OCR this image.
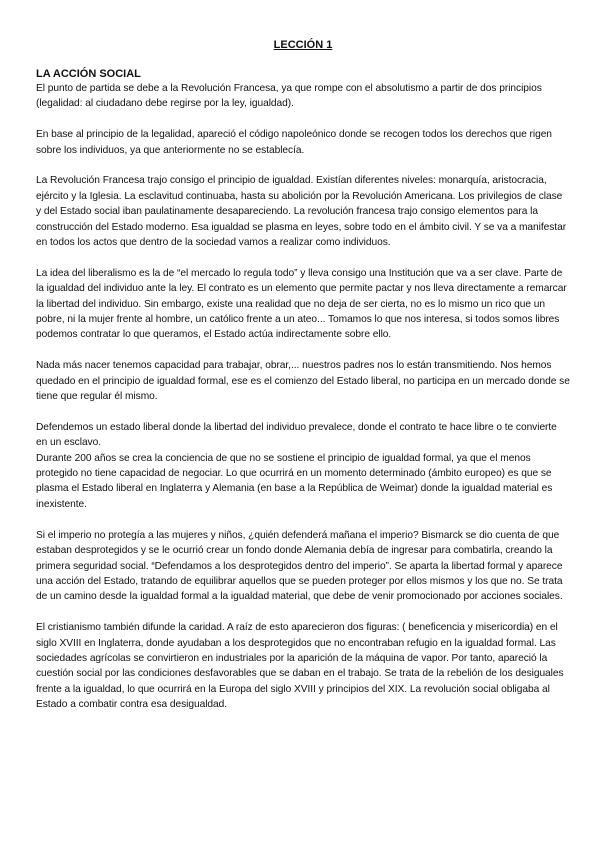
LECCIÓN 1
LA ACCIÓN SOCIAL

El punto de partida se debe a la Revolución Francesa, ya que rompe con el absolutismo a partir de dos principios (legalidad: al ciudadano debe regirse por la ley, igualdad).

En base al principio de la legalidad, apareció el código napoleónico donde se recogen todos los derechos que rigen sobre los individuos, ya que anteriormente no se establecía.

La Revolución Francesa trajo consigo el principio de igualdad. Existían diferentes niveles: monarquía, aristocracia, ejército y la Iglesia. La esclavitud continuaba, hasta su abolición por la Revolución Americana. Los privilegios de clase y del Estado social iban paulatinamente desapareciendo. La revolución francesa trajo consigo elementos para la construcción del Estado moderno. Esa igualdad se plasma en leyes, sobre todo en el ámbito civil. Y se va a manifestar en todos los actos que dentro de la sociedad vamos a realizar como individuos.

La idea del liberalismo es la de “el mercado lo regula todo” y lleva consigo una Institución que va a ser clave. Parte de la igualdad del individuo ante la ley. El contrato es un elemento que permite pactar y nos lleva directamente a remarcar la libertad del individuo. Sin embargo, existe una realidad que no deja de ser cierta, no es lo mismo un rico que un pobre, ni la mujer frente al hombre, un católico frente a un ateo... Tomamos lo que nos interesa, si todos somos libres podemos contratar lo que queramos, el Estado actúa indirectamente sobre ello.

Nada más nacer tenemos capacidad para trabajar, obrar,... nuestros padres nos lo están transmitiendo. Nos hemos quedado en el principio de igualdad formal, ese es el comienzo del Estado liberal, no participa en un mercado donde se tiene que regular él mismo.

Defendemos un estado liberal donde la libertad del individuo prevalece, donde el contrato te hace libre o te convierte en un esclavo.

Durante 200 años se crea la conciencia de que no se sostiene el principio de igualdad formal, ya que el menos protegido no tiene capacidad de negociar. Lo que ocurrirá en un momento determinado (ámbito europeo) es que se plasma el Estado liberal en Inglaterra y Alemania (en base a la República de Weimar) donde la igualdad material es inexistente.

Si el imperio no protegía a las mujeres y niños, ¿quién defenderá mañana el imperio? Bismarck se dio cuenta de que estaban desprotegidos y se le ocurrió crear un fondo donde Alemania debía de ingresar para combatirla, creando la primera seguridad social. “Defendamos a los desprotegidos dentro del imperio”. Se aparta la libertad formal y aparece una acción del Estado, tratando de equilibrar aquellos que se pueden proteger por ellos mismos y los que no. Se trata de un camino desde la igualdad formal a la igualdad material, que debe de venir promocionado por acciones sociales.

El cristianismo también difunde la caridad. A raíz de esto aparecieron dos figuras: ( beneficencia y misericordia) en el siglo XVIII en Inglaterra, donde ayudaban a los desprotegidos que no encontraban refugio en la igualdad formal. Las sociedades agrícolas se convirtieron en industriales por la aparición de la máquina de vapor. Por tanto, apareció la cuestión social por las condiciones desfavorables que se daban en el trabajo. Se trata de la rebelión de los desiguales frente a la igualdad, lo que ocurrirá en la Europa del siglo XVIII y principios del XIX. La revolución social obligaba al Estado a combatir contra esa desigualdad.
